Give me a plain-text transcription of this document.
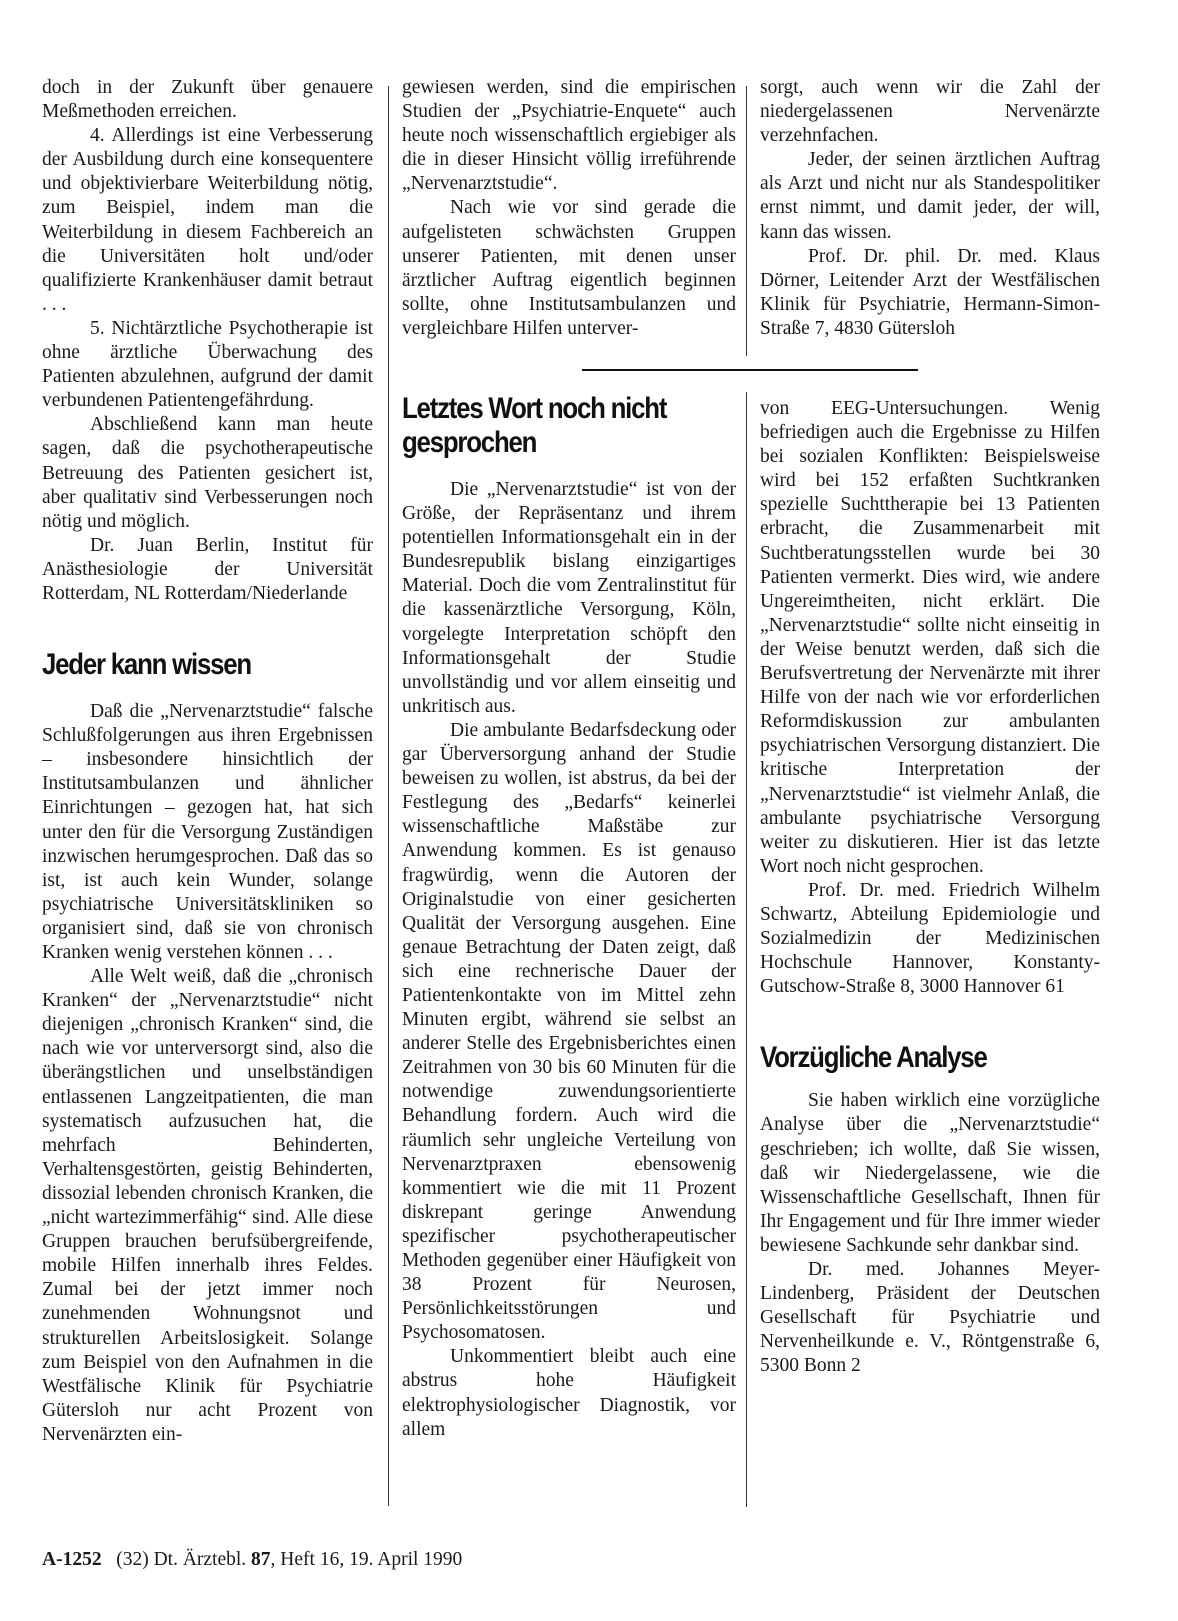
doch in der Zukunft über genauere Meßmethoden erreichen.

4. Allerdings ist eine Verbesserung der Ausbildung durch eine konsequentere und objektivierbare Weiterbildung nötig, zum Beispiel, indem man die Weiterbildung in diesem Fachbereich an die Universitäten holt und/oder qualifizierte Krankenhäuser damit betraut . . .

5. Nichtärztliche Psychotherapie ist ohne ärztliche Überwachung des Patienten abzulehnen, aufgrund der damit verbundenen Patientengefährdung.

Abschließend kann man heute sagen, daß die psychotherapeutische Betreuung des Patienten gesichert ist, aber qualitativ sind Verbesserungen noch nötig und möglich.

Dr. Juan Berlin, Institut für Anästhesiologie der Universität Rotterdam, NL Rotterdam/Niederlande

Jeder kann wissen

Daß die „Nervenarztstudie“ falsche Schlußfolgerungen aus ihren Ergebnissen – insbesondere hinsichtlich der Institutsambulanzen und ähnlicher Einrichtungen – gezogen hat, hat sich unter den für die Versorgung Zuständigen inzwischen herumgesprochen. Daß das so ist, ist auch kein Wunder, solange psychiatrische Universitätskliniken so organisiert sind, daß sie von chronisch Kranken wenig verstehen können . . .

Alle Welt weiß, daß die „chronisch Kranken“ der „Nervenarztstudie“ nicht diejenigen „chronisch Kranken“ sind, die nach wie vor unterversorgt sind, also die überängstlichen und unselbständigen entlassenen Langzeitpatienten, die man systematisch aufzusuchen hat, die mehrfach Behinderten, Verhaltensgestörten, geistig Behinderten, dissozial lebenden chronisch Kranken, die „nicht wartezimmerfähig“ sind. Alle diese Gruppen brauchen berufsübergreifende, mobile Hilfen innerhalb ihres Feldes. Zumal bei der jetzt immer noch zunehmenden Wohnungsnot und strukturellen Arbeitslosigkeit. Solange zum Beispiel von den Aufnahmen in die Westfälische Klinik für Psychiatrie Gütersloh nur acht Prozent von Nervenärzten ein-

gewiesen werden, sind die empirischen Studien der „Psychiatrie-Enquete“ auch heute noch wissenschaftlich ergiebiger als die in dieser Hinsicht völlig irreführende „Nervenarztstudie“.

Nach wie vor sind gerade die aufgelisteten schwächsten Gruppen unserer Patienten, mit denen unser ärztlicher Auftrag eigentlich beginnen sollte, ohne Institutsambulanzen und vergleichbare Hilfen unterver-

Letztes Wort noch nicht
gesprochen

Die „Nervenarztstudie“ ist von der Größe, der Repräsentanz und ihrem potentiellen Informationsgehalt ein in der Bundesrepublik bislang einzigartiges Material. Doch die vom Zentralinstitut für die kassenärztliche Versorgung, Köln, vorgelegte Interpretation schöpft den Informationsgehalt der Studie unvollständig und vor allem einseitig und unkritisch aus.

Die ambulante Bedarfsdeckung oder gar Überversorgung anhand der Studie beweisen zu wollen, ist abstrus, da bei der Festlegung des „Bedarfs“ keinerlei wissenschaftliche Maßstäbe zur Anwendung kommen. Es ist genauso fragwürdig, wenn die Autoren der Originalstudie von einer gesicherten Qualität der Versorgung ausgehen. Eine genaue Betrachtung der Daten zeigt, daß sich eine rechnerische Dauer der Patientenkontakte von im Mittel zehn Minuten ergibt, während sie selbst an anderer Stelle des Ergebnisberichtes einen Zeitrahmen von 30 bis 60 Minuten für die notwendige zuwendungsorientierte Behandlung fordern. Auch wird die räumlich sehr ungleiche Verteilung von Nervenarztpraxen ebensowenig kommentiert wie die mit 11 Prozent diskrepant geringe Anwendung spezifischer psychotherapeutischer Methoden gegenüber einer Häufigkeit von 38 Prozent für Neurosen, Persönlichkeitsstörungen und Psychosomatosen.

Unkommentiert bleibt auch eine abstrus hohe Häufigkeit elektrophysiologischer Diagnostik, vor allem

sorgt, auch wenn wir die Zahl der niedergelassenen Nervenärzte verzehnfachen.

Jeder, der seinen ärztlichen Auftrag als Arzt und nicht nur als Standespolitiker ernst nimmt, und damit jeder, der will, kann das wissen.

Prof. Dr. phil. Dr. med. Klaus Dörner, Leitender Arzt der Westfälischen Klinik für Psychiatrie, Hermann-Simon-Straße 7, 4830 Gütersloh

von EEG-Untersuchungen. Wenig befriedigen auch die Ergebnisse zu Hilfen bei sozialen Konflikten: Beispielsweise wird bei 152 erfaßten Suchtkranken spezielle Suchttherapie bei 13 Patienten erbracht, die Zusammenarbeit mit Suchtberatungsstellen wurde bei 30 Patienten vermerkt. Dies wird, wie andere Ungereimtheiten, nicht erklärt. Die „Nervenarztstudie“ sollte nicht einseitig in der Weise benutzt werden, daß sich die Berufsvertretung der Nervenärzte mit ihrer Hilfe von der nach wie vor erforderlichen Reformdiskussion zur ambulanten psychiatrischen Versorgung distanziert. Die kritische Interpretation der „Nervenarztstudie“ ist vielmehr Anlaß, die ambulante psychiatrische Versorgung weiter zu diskutieren. Hier ist das letzte Wort noch nicht gesprochen.

Prof. Dr. med. Friedrich Wilhelm Schwartz, Abteilung Epidemiologie und Sozialmedizin der Medizinischen Hochschule Hannover, Konstanty-Gutschow-Straße 8, 3000 Hannover 61

Vorzügliche Analyse

Sie haben wirklich eine vorzügliche Analyse über die „Nervenarztstudie“ geschrieben; ich wollte, daß Sie wissen, daß wir Niedergelassene, wie die Wissenschaftliche Gesellschaft, Ihnen für Ihr Engagement und für Ihre immer wieder bewiesene Sachkunde sehr dankbar sind.

Dr. med. Johannes Meyer-Lindenberg, Präsident der Deutschen Gesellschaft für Psychiatrie und Nervenheilkunde e. V., Röntgenstraße 6, 5300 Bonn 2

A-1252 (32) Dt. Ärztebl. 87, Heft 16, 19. April 1990
